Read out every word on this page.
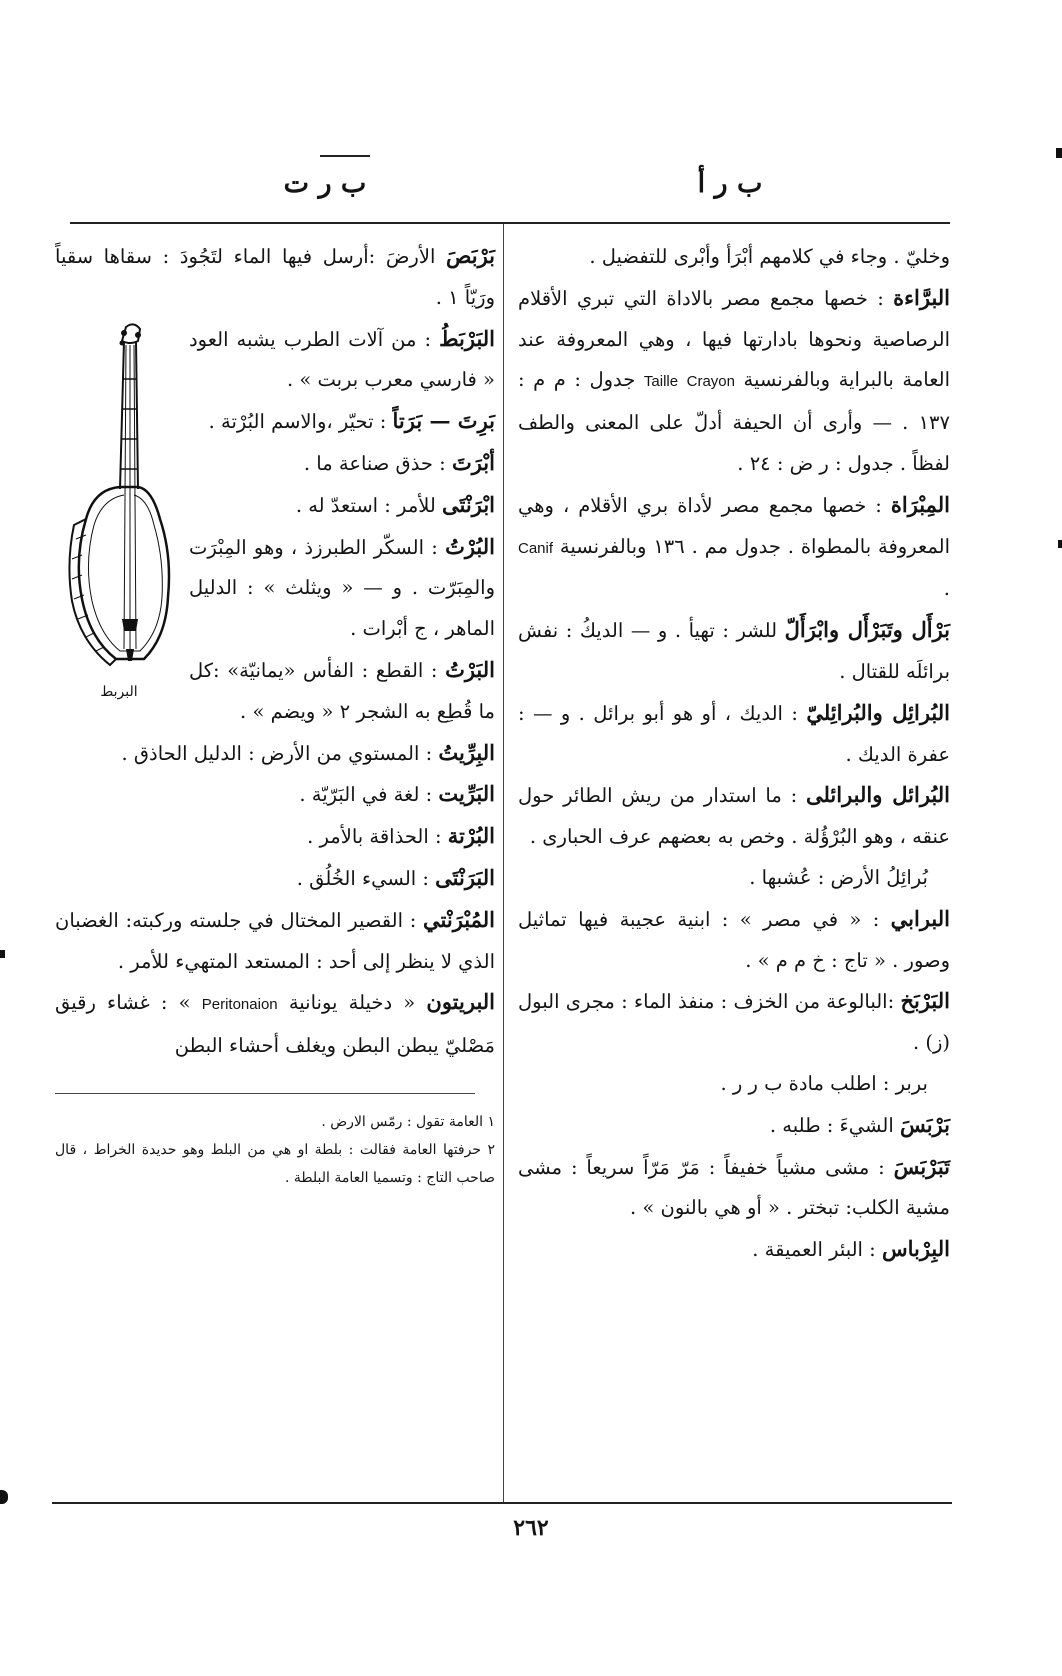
ب ر أ
ب ر ت

وخليّ . وجاء في كلامهم أبْرَأ وأبْرى للتفضيل .

البرَّاءة : خصها مجمع مصر بالاداة التي تبري الأقلام الرصاصية ونحوها بادارتها فيها ، وهي المعروفة عند العامة بالبراية وبالفرنسية Taille Crayon جدول : م م : ١٣٧ . — وأرى أن الحيفة أدلّ على المعنى والطف لفظاً . جدول : ر ض : ٢٤ .

المِبْرَاة : خصها مجمع مصر لأداة بري الأقلام ، وهي المعروفة بالمطواة . جدول مم . ١٣٦ وبالفرنسية Canif .

بَرْأَل وتَبَرْأَل وابْرَأَلّ للشر : تهيأ . و — الديكُ : نفش برائلَه للقتال .

البُرائِل والبُرائِليّ : الديك ، أو هو أبو برائل . و — : عفرة الديك .

البُرائل والبرائلى : ما استدار من ريش الطائر حول عنقه ، وهو البُرْؤُلة . وخص به بعضهم عرف الحبارى .

بُرائِلُ الأرض : عُشبها .

البرابي : « في مصر » : ابنية عجيبة فيها تماثيل وصور . « تاج : خ م م » .

البَرْبَخ :البالوعة من الخزف : منفذ الماء : مجرى البول (ز) .

بربر : اطلب مادة ب ر ر .

بَرْبَسَ الشيءَ : طلبه .

تَبَرْبَسَ : مشى مشياً خفيفاً : مَرّ مَرّاً سريعاً : مشى مشية الكلب: تبختر . « أو هي بالنون » .

البِرْباس : البئر العميقة .

بَرْبَصَ الأرضَ :أرسل فيها الماء لتَجُودَ : سقاها سقياً ورَيّاً ١ .

البربط

البَرْبَطُ : من آلات الطرب يشبه العود « فارسي معرب بربت » .

بَرِتَ — بَرَتاً : تحيّر ،والاسم البُرْتة .

أبْرَتَ : حذق صناعة ما .

ابْرَنْتَى للأمر : استعدّ له .

البُرْتُ : السكّر الطبرزذ ، وهو المِبْرَت والمِبَرّت . و — « ويثلث » : الدليل الماهر ، ج أبْرات .

البَرْتُ : القطع : الفأس «يمانيّة» :كل ما قُطِع به الشجر ٢ « ويضم » .

البِرِّيتُ : المستوي من الأرض : الدليل الحاذق .

البَرِّيت : لغة في البَرّيّة .

البُرْتة : الحذاقة بالأمر .

البَرَنْتَى : السيء الخُلُق .

المُبْرَنْتي : القصير المختال في جلسته وركبته: الغضبان الذي لا ينظر إلى أحد : المستعد المتهيء للأمر .

البريتون « دخيلة يونانية Peritonaion » : غشاء رقيق مَصْليّ يبطن البطن ويغلف أحشاء البطن

١ العامة تقول : رمّس الارض .

٢ حرفتها العامة فقالت : بلطة او هي من البلط وهو حديدة الخراط ، قال صاحب التاج : وتسميا العامة البلطة .

٢٦٢
